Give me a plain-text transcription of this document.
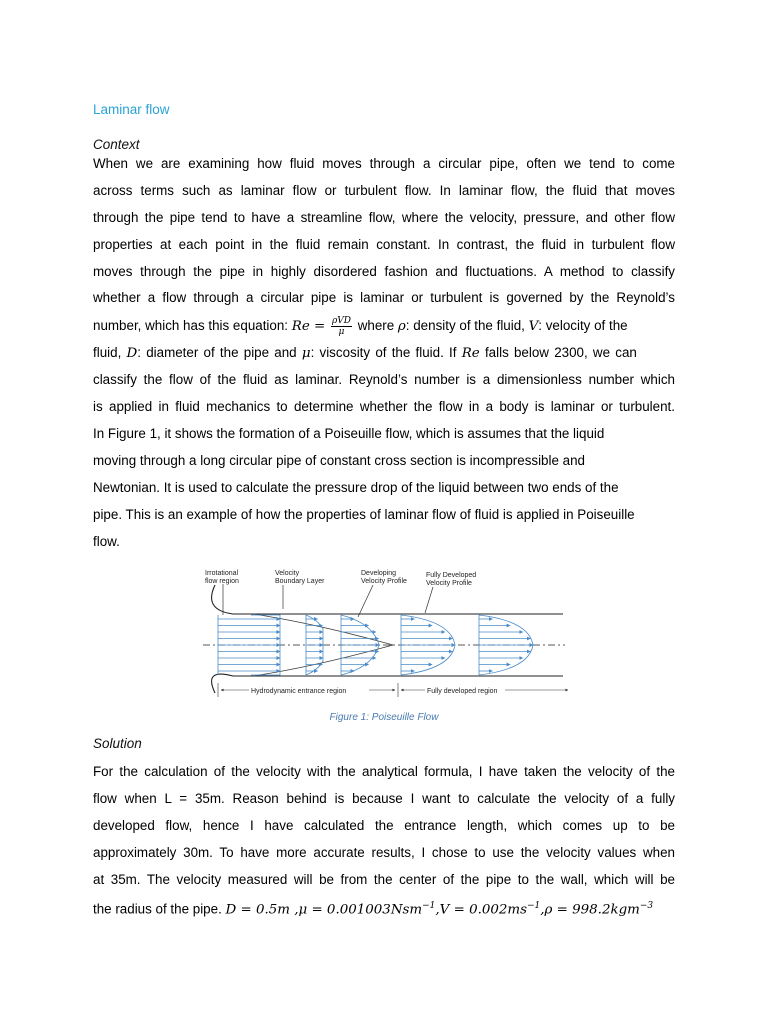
Laminar flow
Context
When we are examining how fluid moves through a circular pipe, often we tend to come
across terms such as laminar flow or turbulent flow. In laminar flow, the fluid that moves
through the pipe tend to have a streamline flow, where the velocity, pressure, and other flow
properties at each point in the fluid remain constant. In contrast, the fluid in turbulent flow
moves through the pipe in highly disordered fashion and fluctuations. A method to classify
whether a flow through a circular pipe is laminar or turbulent is governed by the Reynold’s
number, which has this equation: $Re = \frac{\text{ρVD}}{\mu}$ where ρ: density of the fluid, V: velocity of the
fluid, D: diameter of the pipe and μ: viscosity of the fluid. If Re falls below 2300, we can
classify the flow of the fluid as laminar. Reynold’s number is a dimensionless number which
is applied in fluid mechanics to determine whether the flow in a body is laminar or turbulent.
In Figure 1, it shows the formation of a Poiseuille flow, which is assumes that the liquid
moving through a long circular pipe of constant cross section is incompressible and
Newtonian. It is used to calculate the pressure drop of the liquid between two ends of the
pipe. This is an example of how the properties of laminar flow of fluid is applied in Poiseuille
flow.
Irrotational
flow region
Velocity
Boundary Layer
Developing
Velocity Profile
Fully Developed
Velocity Profile
Hydrodynamic entrance region	Fully developed region
Figure 1: Poiseuille Flow
Solution
For the calculation of the velocity with the analytical formula, I have taken the velocity of the
flow when L = 35m. Reason behind is because I want to calculate the velocity of a fully
developed flow, hence I have calculated the entrance length, which comes up to be
approximately 30m. To have more accurate results, I chose to use the velocity values when
at 35m. The velocity measured will be from the center of the pipe to the wall, which will be
the radius of the pipe. D = 0.5m $,\mu = 0.001003Nsm^{-1},V = 0.002ms^{-1},\rho = 998.2kgm^{-3}$
